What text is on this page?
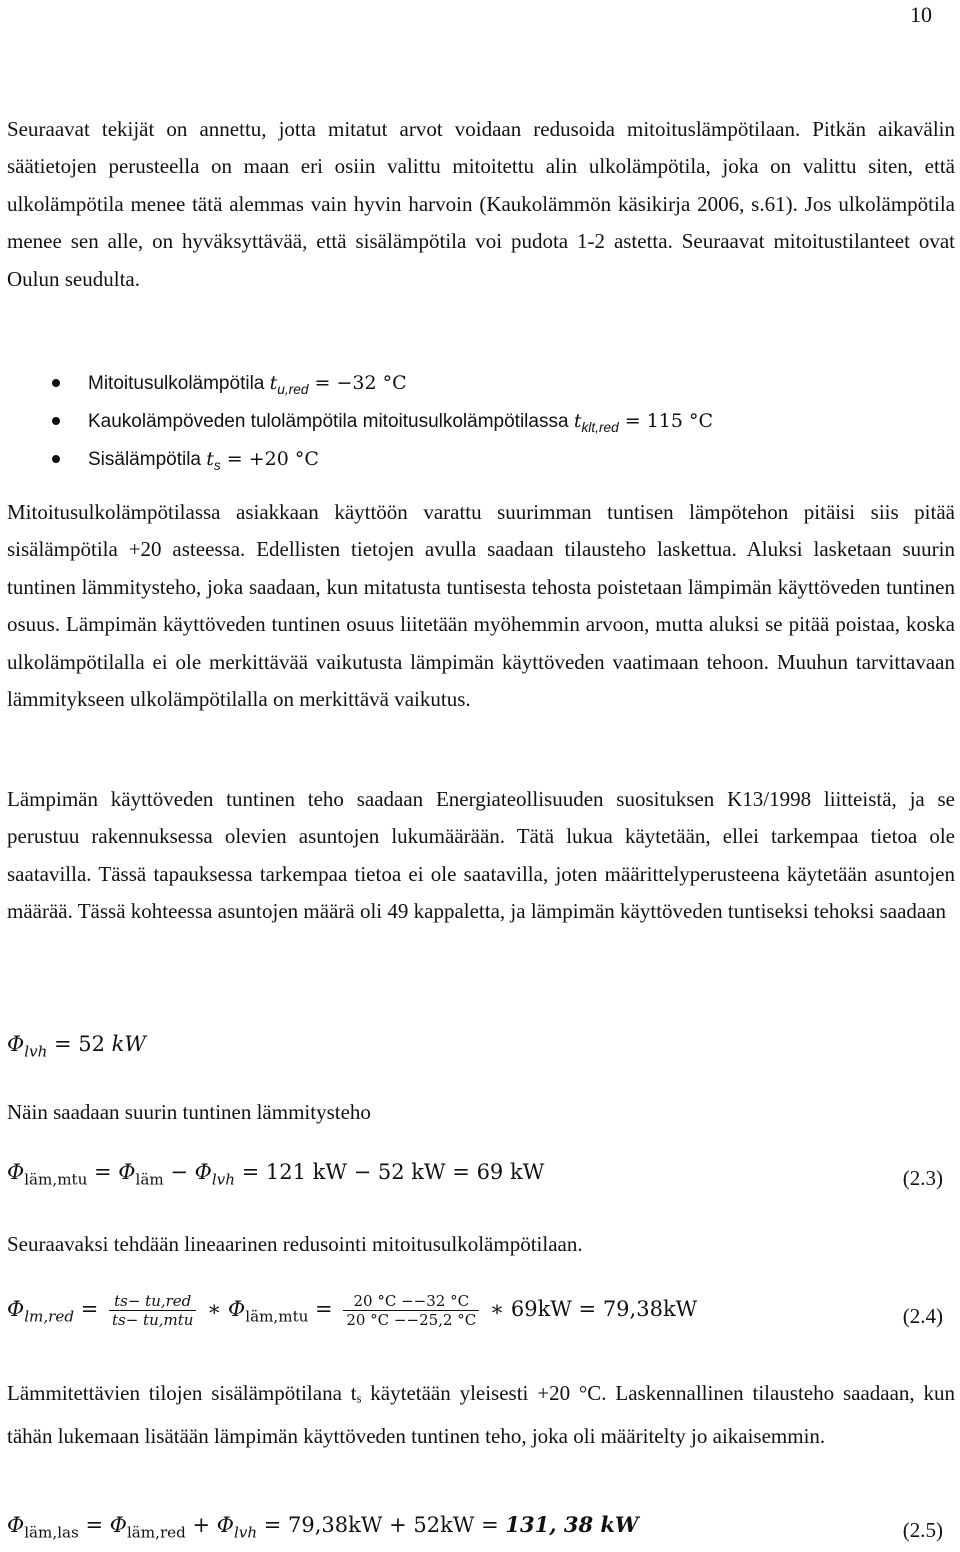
10

Seuraavat tekijät on annettu, jotta mitatut arvot voidaan redusoida mitoituslämpötilaan. Pitkän aikavälin säätietojen perusteella on maan eri osiin valittu mitoitettu alin ulkolämpötila, joka on valittu siten, että ulkolämpötila menee tätä alemmas vain hyvin harvoin (Kaukolämmön käsikirja 2006, s.61). Jos ulkolämpötila menee sen alle, on hyväksyttävää, että sisälämpötila voi pudota 1-2 astetta. Seuraavat mitoitustilanteet ovat Oulun seudulta.

Mitoitusulkolämpötila $t_{u,red} = -32$ °C
Kaukolämpöveden tulolämpötila mitoitusulkolämpötilassa $t_{klt,red} = 115$ °C
Sisälämpötila $t_s = +20$ °C

Mitoitusulkolämpötilassa asiakkaan käyttöön varattu suurimman tuntisen lämpötehon pitäisi siis pitää sisälämpötila +20 asteessa. Edellisten tietojen avulla saadaan tilausteho laskettua. Aluksi lasketaan suurin tuntinen lämmitysteho, joka saadaan, kun mitatusta tuntisesta tehosta poistetaan lämpimän käyttöveden tuntinen osuus. Lämpimän käyttöveden tuntinen osuus liitetään myöhemmin arvoon, mutta aluksi se pitää poistaa, koska ulkolämpötilalla ei ole merkittävää vaikutusta lämpimän käyttöveden vaatimaan tehoon. Muuhun tarvittavaan lämmitykseen ulkolämpötilalla on merkittävä vaikutus.

Lämpimän käyttöveden tuntinen teho saadaan Energiateollisuuden suosituksen K13/1998 liitteistä, ja se perustuu rakennuksessa olevien asuntojen lukumäärään. Tätä lukua käytetään, ellei tarkempaa tietoa ole saatavilla. Tässä tapauksessa tarkempaa tietoa ei ole saatavilla, joten määrittelyperusteena käytetään asuntojen määrää. Tässä kohteessa asuntojen määrä oli 49 kappaletta, ja lämpimän käyttöveden tuntiseksi tehoksi saadaan

$\Phi_{lvh} = 52$ kW

Näin saadaan suurin tuntinen lämmitysteho

$\Phi_{läm,mtu} = \Phi_{läm} - \Phi_{lvh} = 121$ kW − 52 kW = 69 kW	(2.3)

Seuraavaksi tehdään lineaarinen redusointi mitoitusulkolämpötilaan.

$\Phi_{lm,red} = \frac{\text{ts− tu,red}}{\text{ts− tu,mtu}}$ ∗ $\Phi_{läm,mtu} = \frac{20 ^\circ C --32 ^\circ C}{20 ^\circ C --25,2 ^\circ C}$ ∗ 69kW = 79,38kW	(2.4)

Lämmitettävien tilojen sisälämpötilana ts käytetään yleisesti +20 °C. Laskennallinen tilausteho saadaan, kun tähän lukemaan lisätään lämpimän käyttöveden tuntinen teho, joka oli määritelty jo aikaisemmin.

$\Phi_{läm,las} = \Phi_{läm,red} + \Phi_{lvh} = 79,38kW + 52kW = 131$, 38 kW	(2.5)
